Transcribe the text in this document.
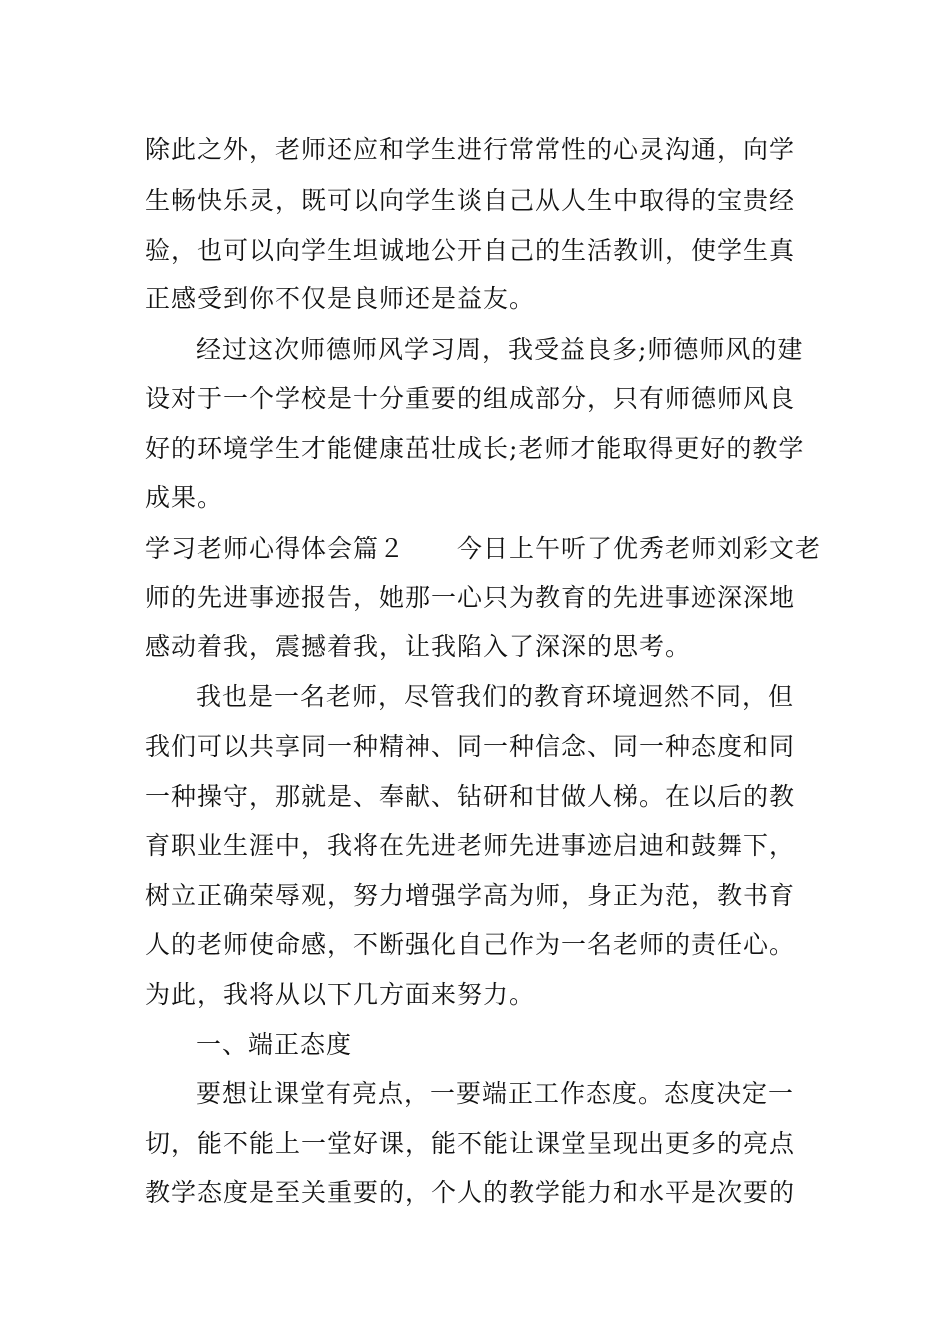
除此之外，老师还应和学生进行常常性的心灵沟通，向学
生畅快乐灵，既可以向学生谈自己从人生中取得的宝贵经
验，也可以向学生坦诚地公开自己的生活教训，使学生真
正感受到你不仅是良师还是益友。
经过这次师德师风学习周，我受益良多;师德师风的建
设对于一个学校是十分重要的组成部分，只有师德师风良
好的环境学生才能健康茁壮成长;老师才能取得更好的教学
成果。
学习老师心得体会篇２　　今日上午听了优秀老师刘彩文老
师的先进事迹报告，她那一心只为教育的先进事迹深深地
感动着我，震撼着我，让我陷入了深深的思考。
我也是一名老师，尽管我们的教育环境迥然不同，但
我们可以共享同一种精神、同一种信念、同一种态度和同
一种操守，那就是、奉献、钻研和甘做人梯。在以后的教
育职业生涯中，我将在先进老师先进事迹启迪和鼓舞下，
树立正确荣辱观，努力增强学高为师，身正为范，教书育
人的老师使命感，不断强化自己作为一名老师的责任心。
为此，我将从以下几方面来努力。
一、端正态度
要想让课堂有亮点，一要端正工作态度。态度决定一
切，能不能上一堂好课，能不能让课堂呈现出更多的亮点
教学态度是至关重要的，个人的教学能力和水平是次要的
